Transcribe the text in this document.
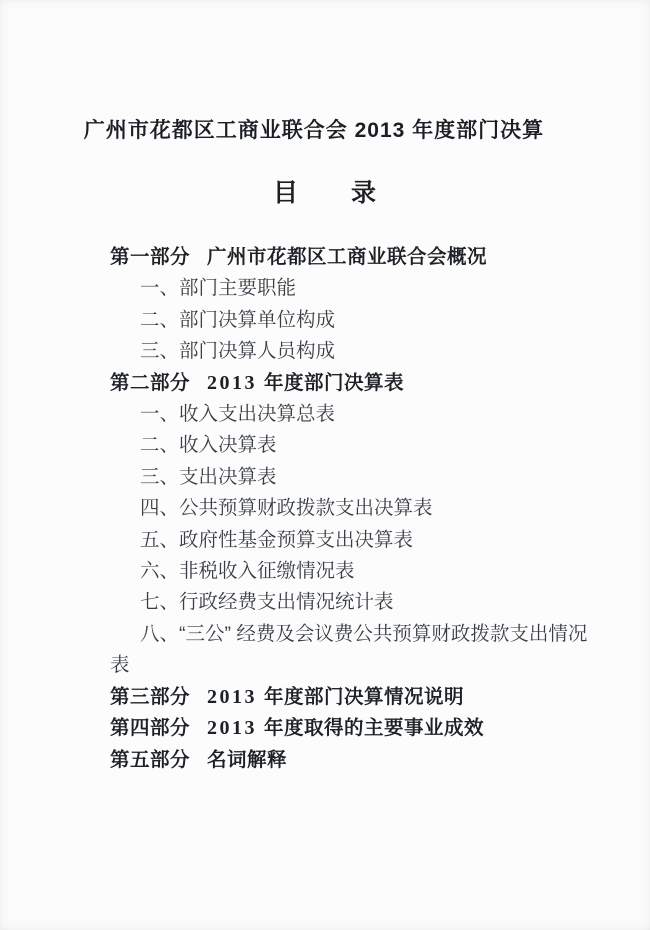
广州市花都区工商业联合会 2013 年度部门决算
目　　录

第一部分 广州市花都区工商业联合会概况

一、部门主要职能

二、部门决算单位构成

三、部门决算人员构成

第二部分 2013 年度部门决算表

一、收入支出决算总表

二、收入决算表

三、支出决算表

四、公共预算财政拨款支出决算表

五、政府性基金预算支出决算表

六、非税收入征缴情况表

七、行政经费支出情况统计表

八、“三公” 经费及会议费公共预算财政拨款支出情况

表

第三部分 2013 年度部门决算情况说明

第四部分 2013 年度取得的主要事业成效

第五部分 名词解释
